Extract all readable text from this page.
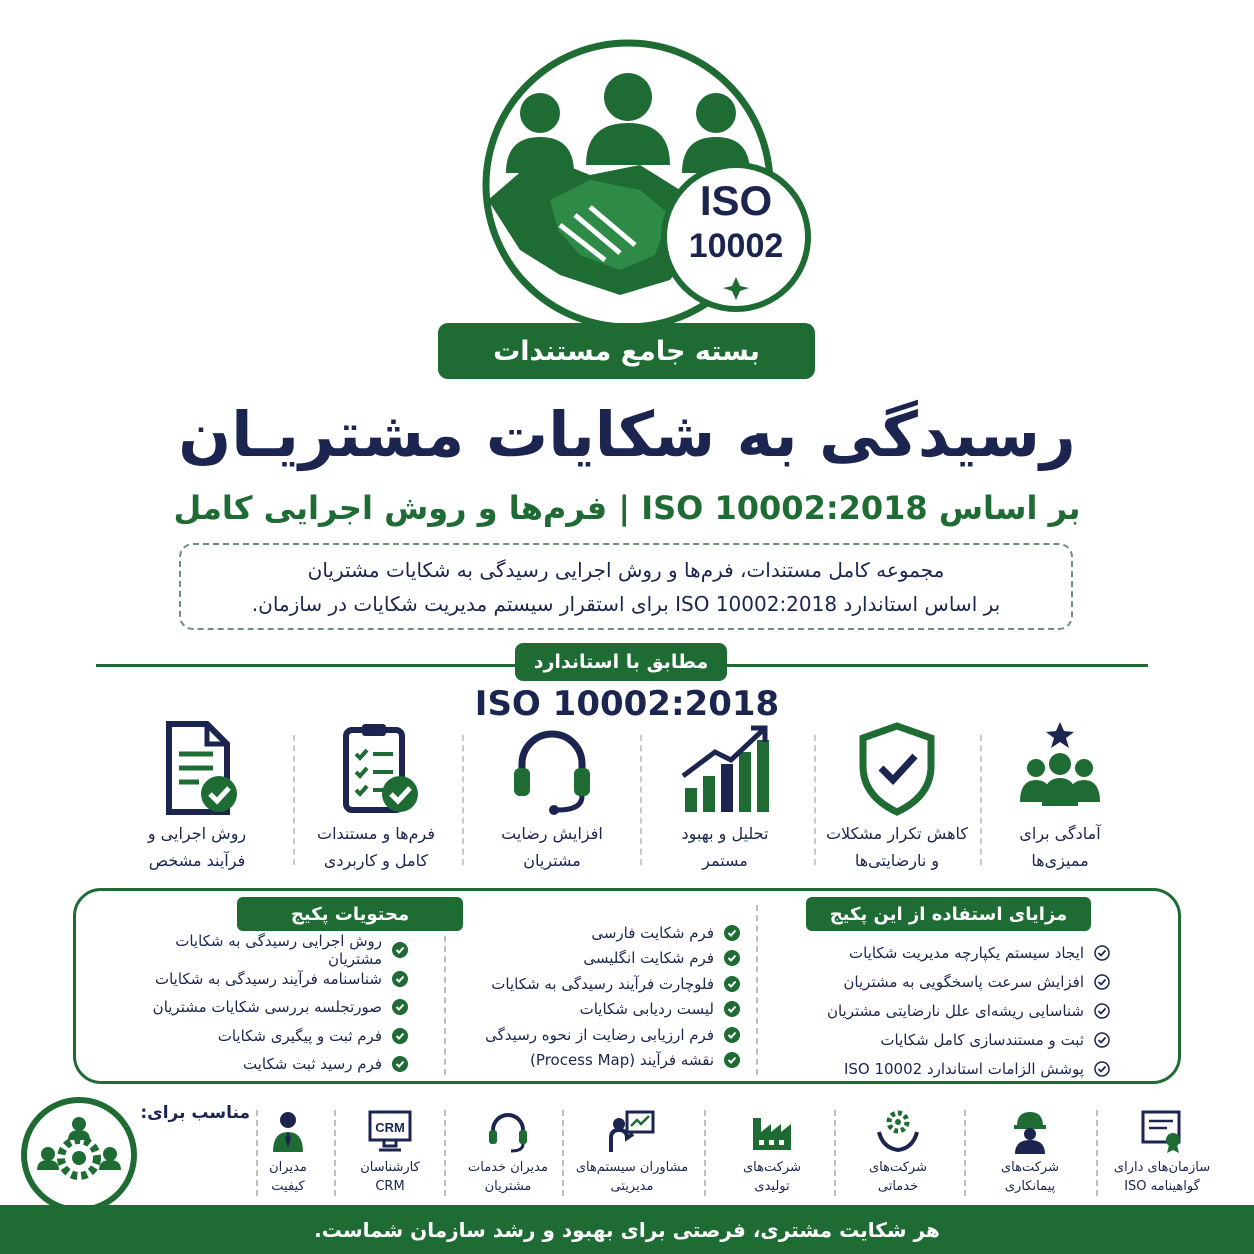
ISO
10002
بسته جامع مستندات
رسیدگی به شکایات مشتریـان
بر اساس ISO 10002:2018 | فرم‌ها و روش اجرایی کامل
مجموعه کامل مستندات، فرم‌ها و روش اجرایی رسیدگی به شکایات مشتریان
بر اساس استاندارد ISO 10002:2018 برای استقرار سیستم مدیریت شکایات در سازمان.
مطابق با استاندارد
ISO 10002:2018
روش اجرایی و
فرآیند مشخص
فرم‌ها و مستندات
کامل و کاربردی
افزایش رضایت
مشتریان
تحلیل و بهبود
مستمر
کاهش تکرار مشکلات
و نارضایتی‌ها
آمادگی برای
ممیزی‌ها
مزایای استفاده از این پکیج
ایجاد سیستم یکپارچه مدیریت شکایات
افزایش سرعت پاسخگویی به مشتریان
شناسایی ریشه‌ای علل نارضایتی مشتریان
ثبت و مستندسازی کامل شکایات
پوشش الزامات استاندارد ISO 10002
فرم شکایت فارسی
فرم شکایت انگلیسی
فلوچارت فرآیند رسیدگی به شکایات
لیست ردیابی شکایات
فرم ارزیابی رضایت از نحوه رسیدگی
نقشه فرآیند (Process Map)
محتویات پکیج
روش اجرایی رسیدگی به شکایات مشتریان
شناسنامه فرآیند رسیدگی به شکایات
صورتجلسه بررسی شکایات مشتریان
فرم ثبت و پیگیری شکایات
فرم رسید ثبت شکایت
مناسب برای:
سازمان‌های دارای
گواهینامه ISO
شرکت‌های
پیمانکاری
شرکت‌های
خدماتی
شرکت‌های
تولیدی
مشاوران سیستم‌های
مدیریتی
مدیران خدمات
مشتریان
CRM
کارشناسان
CRM
مدیران
کیفیت
هر شکایت مشتری، فرصتی برای بهبود و رشد سازمان شماست.
